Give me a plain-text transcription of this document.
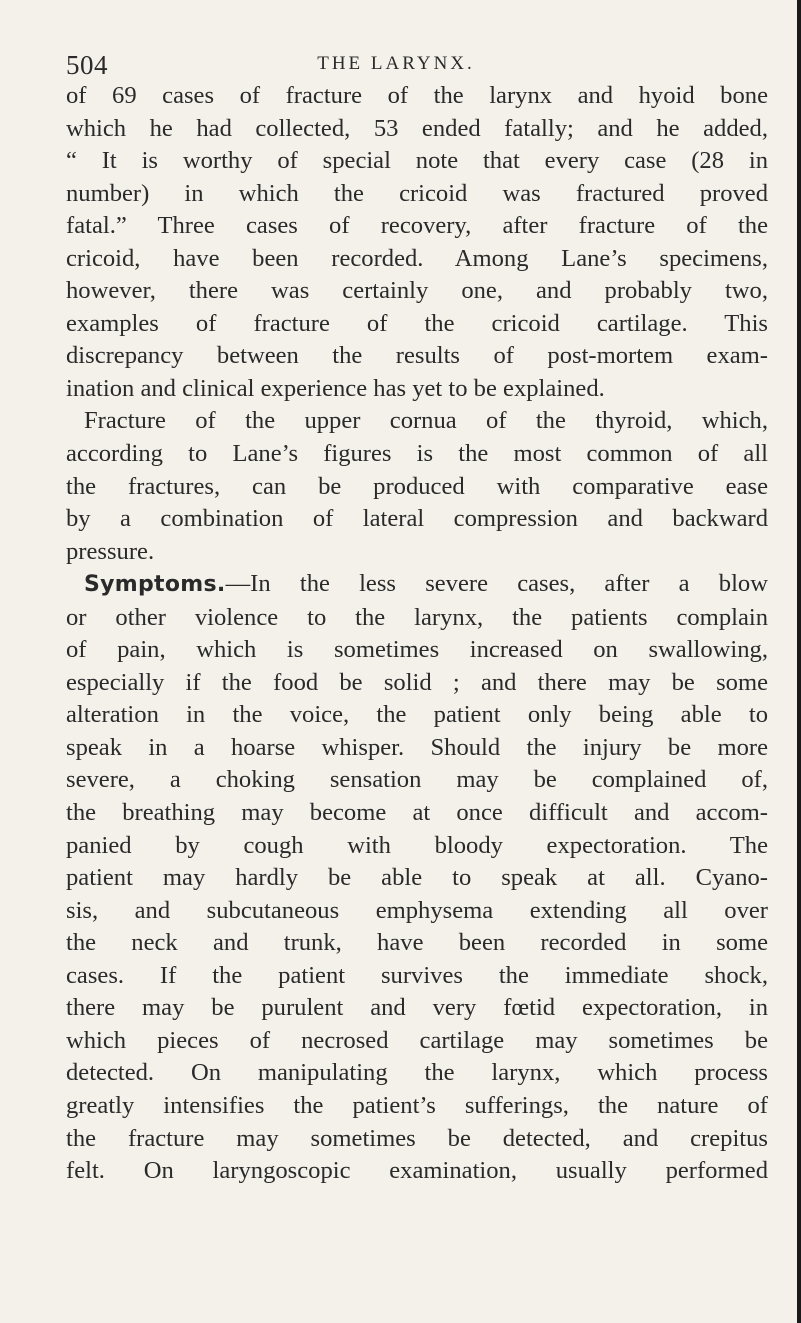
504	THE LARYNX.

of 69 cases of fracture of the larynx and hyoid bone
which he had collected, 53 ended fatally; and he added,
“ It is worthy of special note that every case (28 in
number) in which the cricoid was fractured proved
fatal.” Three cases of recovery, after fracture of the
cricoid, have been recorded. Among Lane’s specimens,
however, there was certainly one, and probably two,
examples of fracture of the cricoid cartilage. This
discrepancy between the results of post-mortem exam-
ination and clinical experience has yet to be explained.

Fracture of the upper cornua of the thyroid, which,
according to Lane’s figures is the most common of all
the fractures, can be produced with comparative ease
by a combination of lateral compression and backward
pressure.

Symptoms.—In the less severe cases, after a blow
or other violence to the larynx, the patients complain
of pain, which is sometimes increased on swallowing,
especially if the food be solid ; and there may be some
alteration in the voice, the patient only being able to
speak in a hoarse whisper. Should the injury be more
severe, a choking sensation may be complained of,
the breathing may become at once difficult and accom-
panied by cough with bloody expectoration. The
patient may hardly be able to speak at all. Cyano-
sis, and subcutaneous emphysema extending all over
the neck and trunk, have been recorded in some
cases. If the patient survives the immediate shock,
there may be purulent and very fœtid expectoration, in
which pieces of necrosed cartilage may sometimes be
detected. On manipulating the larynx, which process
greatly intensifies the patient’s sufferings, the nature of
the fracture may sometimes be detected, and crepitus
felt. On laryngoscopic examination, usually performed
